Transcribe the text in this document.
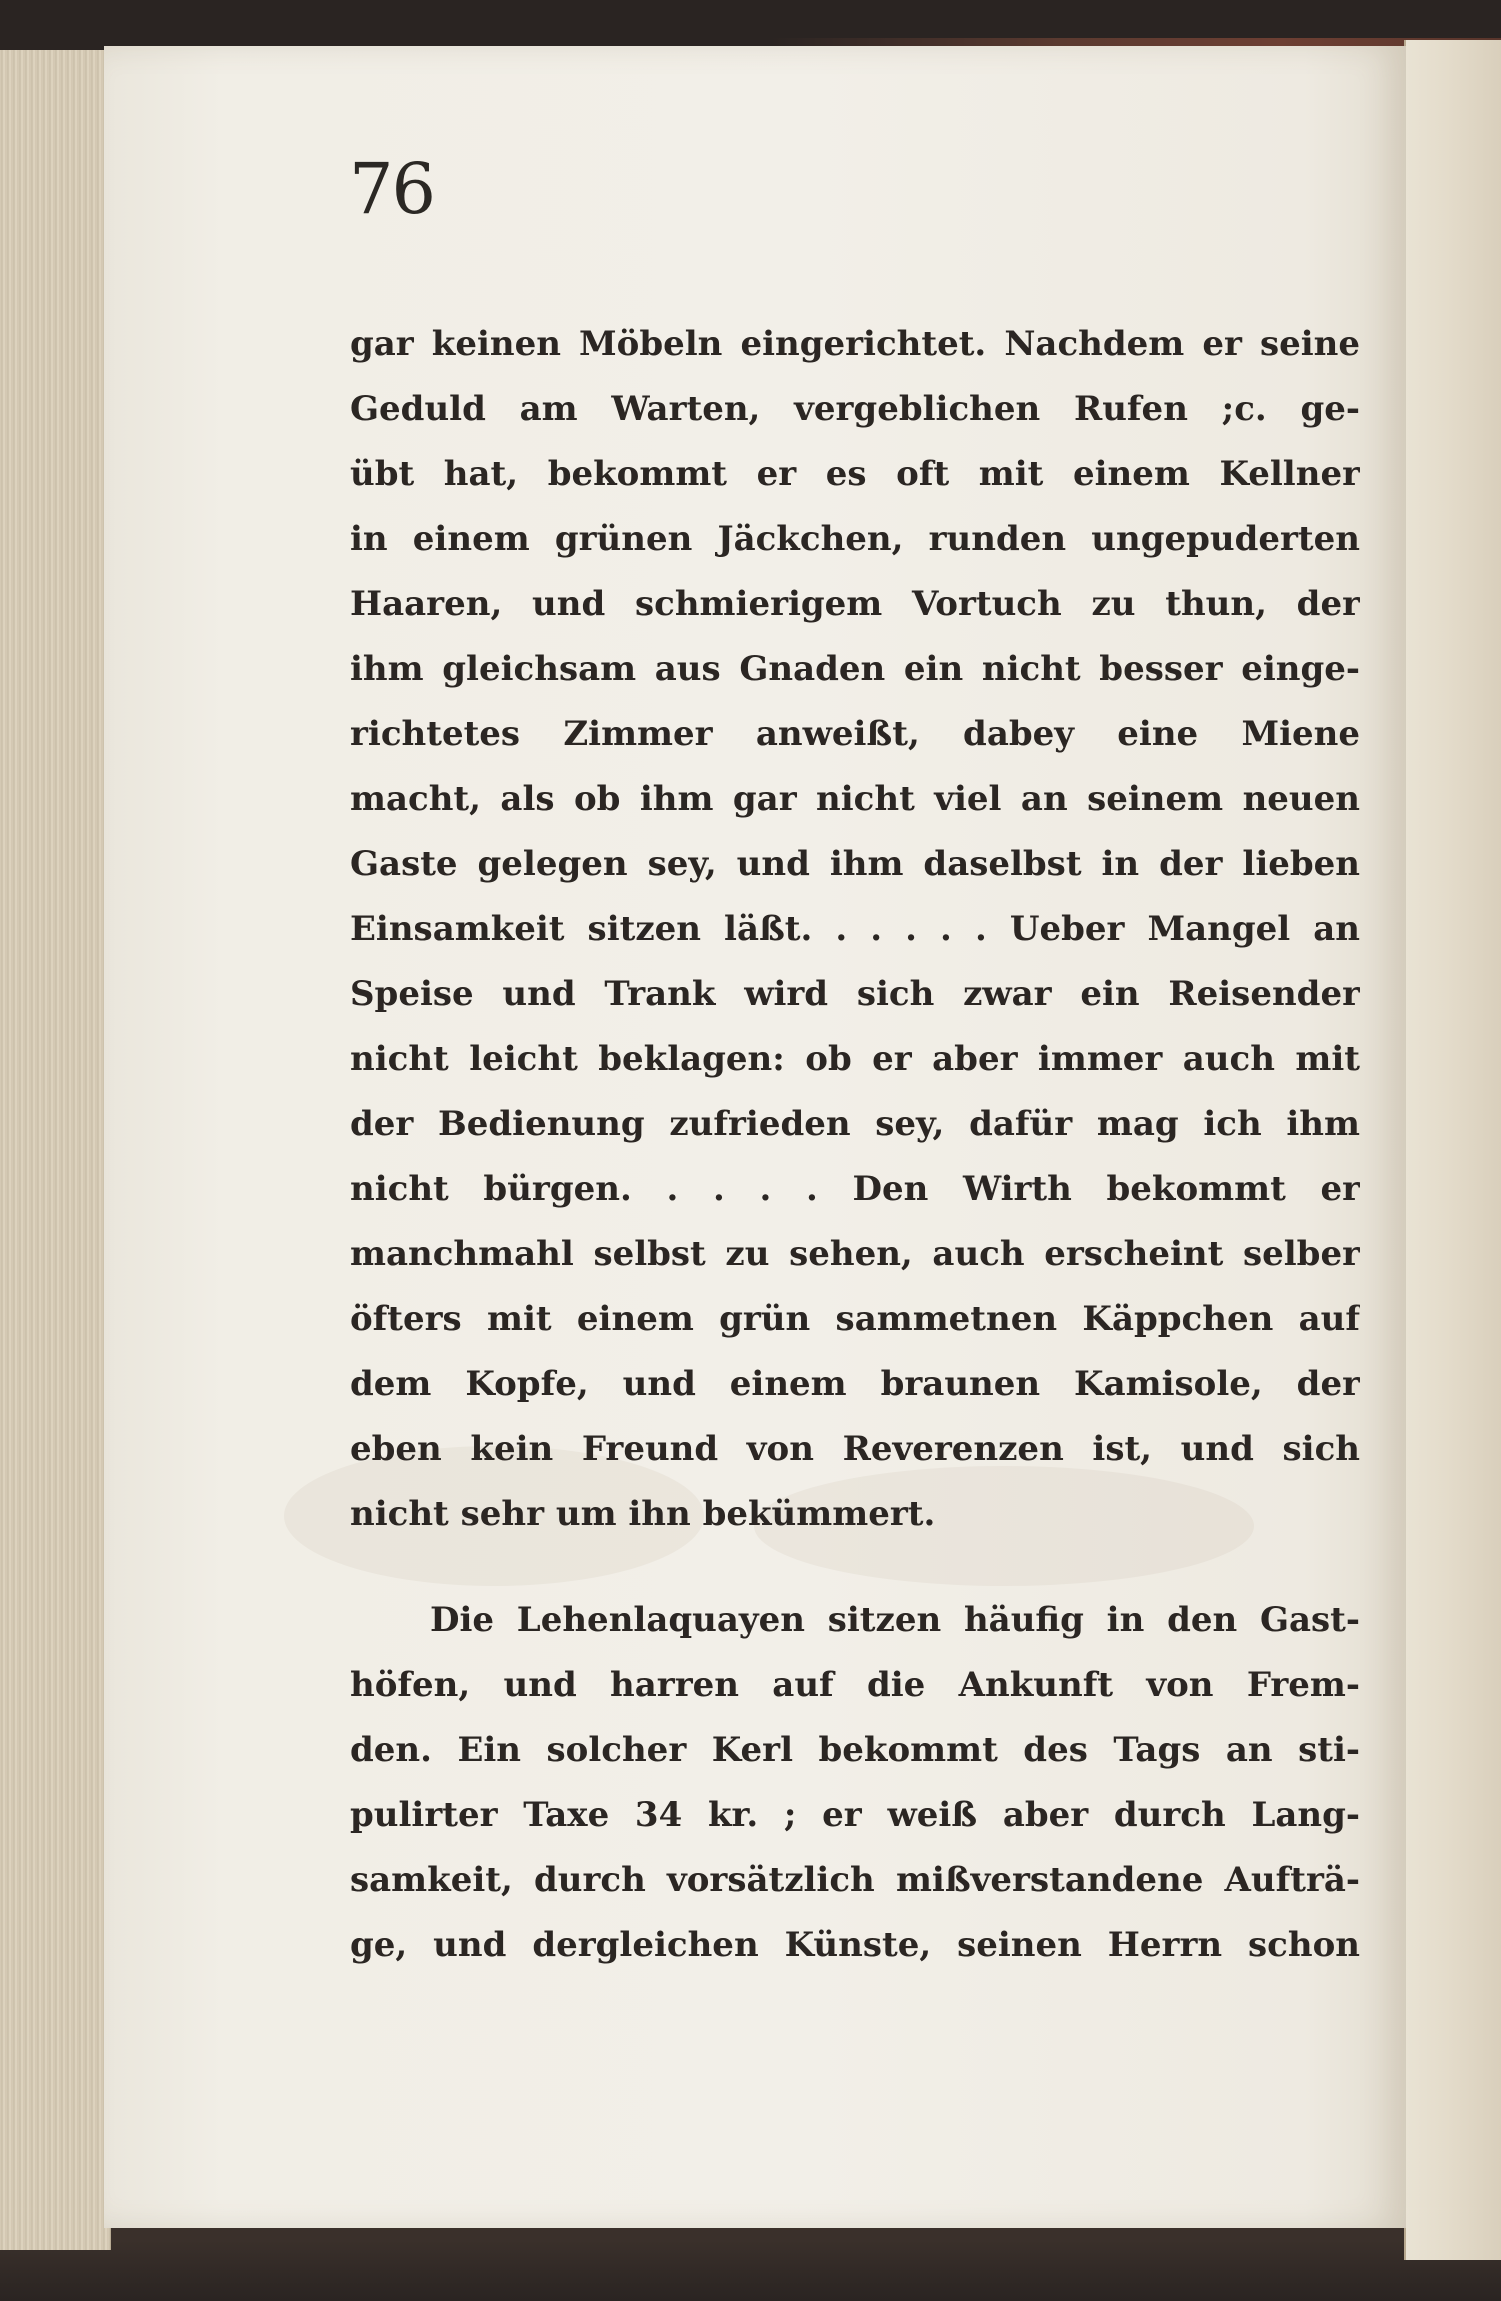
76
gar keinen Möbeln eingerichtet. Nachdem er seine
Geduld am Warten, vergeblichen Rufen ;c. ge-
übt hat, bekommt er es oft mit einem Kellner
in einem grünen Jäckchen, runden ungepuderten
Haaren, und schmierigem Vortuch zu thun, der
ihm gleichsam aus Gnaden ein nicht besser einge-
richtetes Zimmer anweißt, dabey eine Miene
macht, als ob ihm gar nicht viel an seinem neuen
Gaste gelegen sey, und ihm daselbst in der lieben
Einsamkeit sitzen läßt. . . . . . Ueber Mangel an
Speise und Trank wird sich zwar ein Reisender
nicht leicht beklagen: ob er aber immer auch mit
der Bedienung zufrieden sey, dafür mag ich ihm
nicht bürgen. . . . . Den Wirth bekommt er
manchmahl selbst zu sehen, auch erscheint selber
öfters mit einem grün sammetnen Käppchen auf
dem Kopfe, und einem braunen Kamisole, der
eben kein Freund von Reverenzen ist, und sich
nicht sehr um ihn bekümmert.
Die Lehenlaquayen sitzen häufig in den Gast-
höfen, und harren auf die Ankunft von Frem-
den. Ein solcher Kerl bekommt des Tags an sti-
pulirter Taxe 34 kr. ; er weiß aber durch Lang-
samkeit, durch vorsätzlich mißverstandene Aufträ-
ge, und dergleichen Künste, seinen Herrn schon
